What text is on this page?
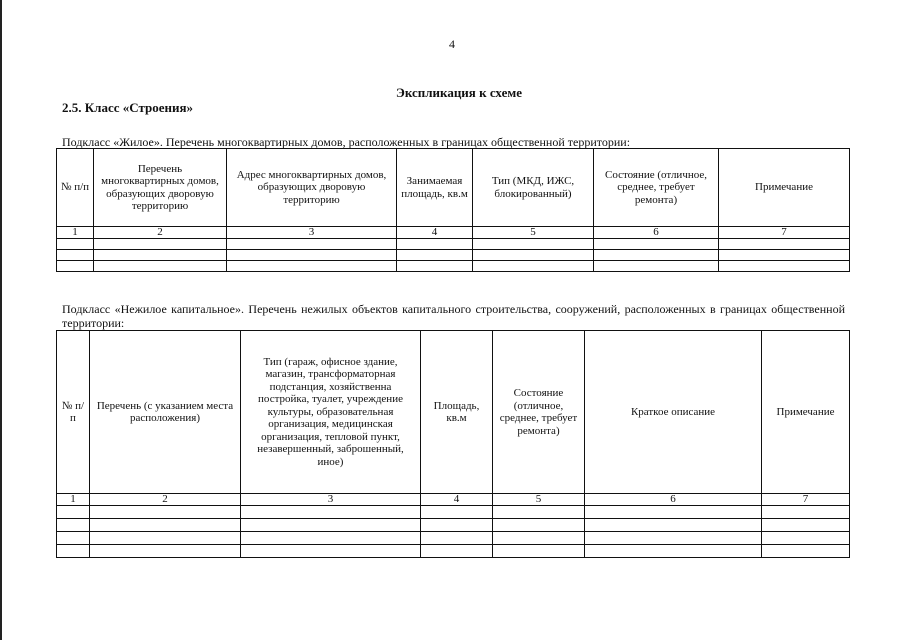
4
Экспликация к схеме
2.5. Класс «Строения»
Подкласс «Жилое». Перечень многоквартирных домов, расположенных в границах общественной территории:
№ п/п	Перечень многоквартирных домов, образующих дворовую территорию	Адрес многоквартирных домов, образующих дворовую территорию	Занимаемая площадь, кв.м	Тип (МКД, ИЖС, блокированный)	Состояние (отличное, среднее, требует ремонта)	Примечание
1	2	3	4	5	6	7

Подкласс «Нежилое капитальное». Перечень нежилых объектов капитального строительства, сооружений, расположенных в границах общественной территории:
№ п/п	Перечень (с указанием места расположения)	Тип (гараж, офисное здание, магазин, трансформаторная подстанция, хозяйственна постройка, туалет, учреждение культуры, образовательная организация, медицинская организация, тепловой пункт, незавершенный, заброшенный, иное)	Площадь, кв.м	Состояние (отличное, среднее, требует ремонта)	Краткое описание	Примечание
1	2	3	4	5	6	7
